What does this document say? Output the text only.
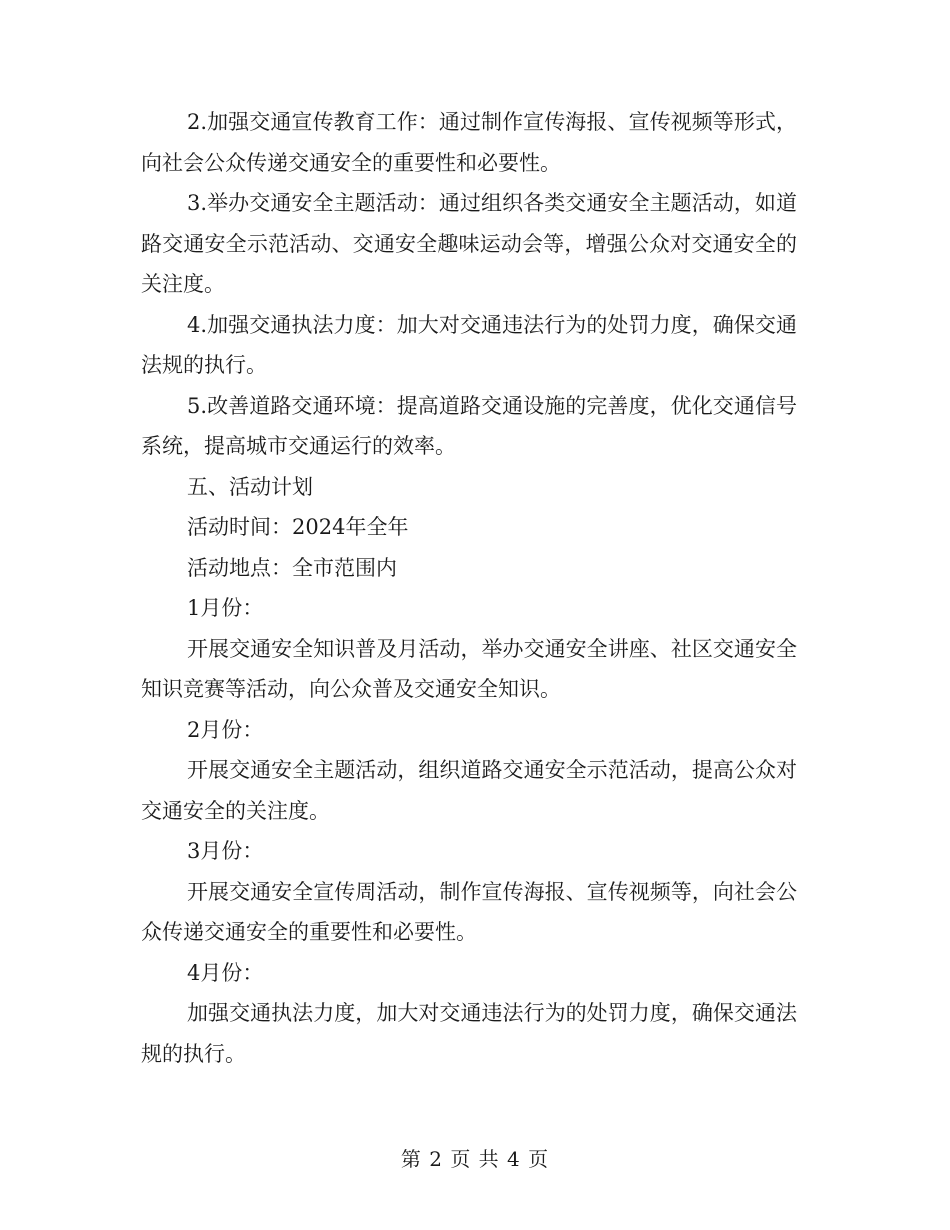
2.加强交通宣传教育工作：通过制作宣传海报、宣传视频等形式，向社会公众传递交通安全的重要性和必要性。

3.举办交通安全主题活动：通过组织各类交通安全主题活动，如道路交通安全示范活动、交通安全趣味运动会等，增强公众对交通安全的关注度。

4.加强交通执法力度：加大对交通违法行为的处罚力度，确保交通法规的执行。

5.改善道路交通环境：提高道路交通设施的完善度，优化交通信号系统，提高城市交通运行的效率。

五、活动计划

活动时间：2024年全年

活动地点：全市范围内

1月份：

开展交通安全知识普及月活动，举办交通安全讲座、社区交通安全知识竞赛等活动，向公众普及交通安全知识。

2月份：

开展交通安全主题活动，组织道路交通安全示范活动，提高公众对交通安全的关注度。

3月份：

开展交通安全宣传周活动，制作宣传海报、宣传视频等，向社会公众传递交通安全的重要性和必要性。

4月份：

加强交通执法力度，加大对交通违法行为的处罚力度，确保交通法规的执行。

第 2 页 共 4 页
